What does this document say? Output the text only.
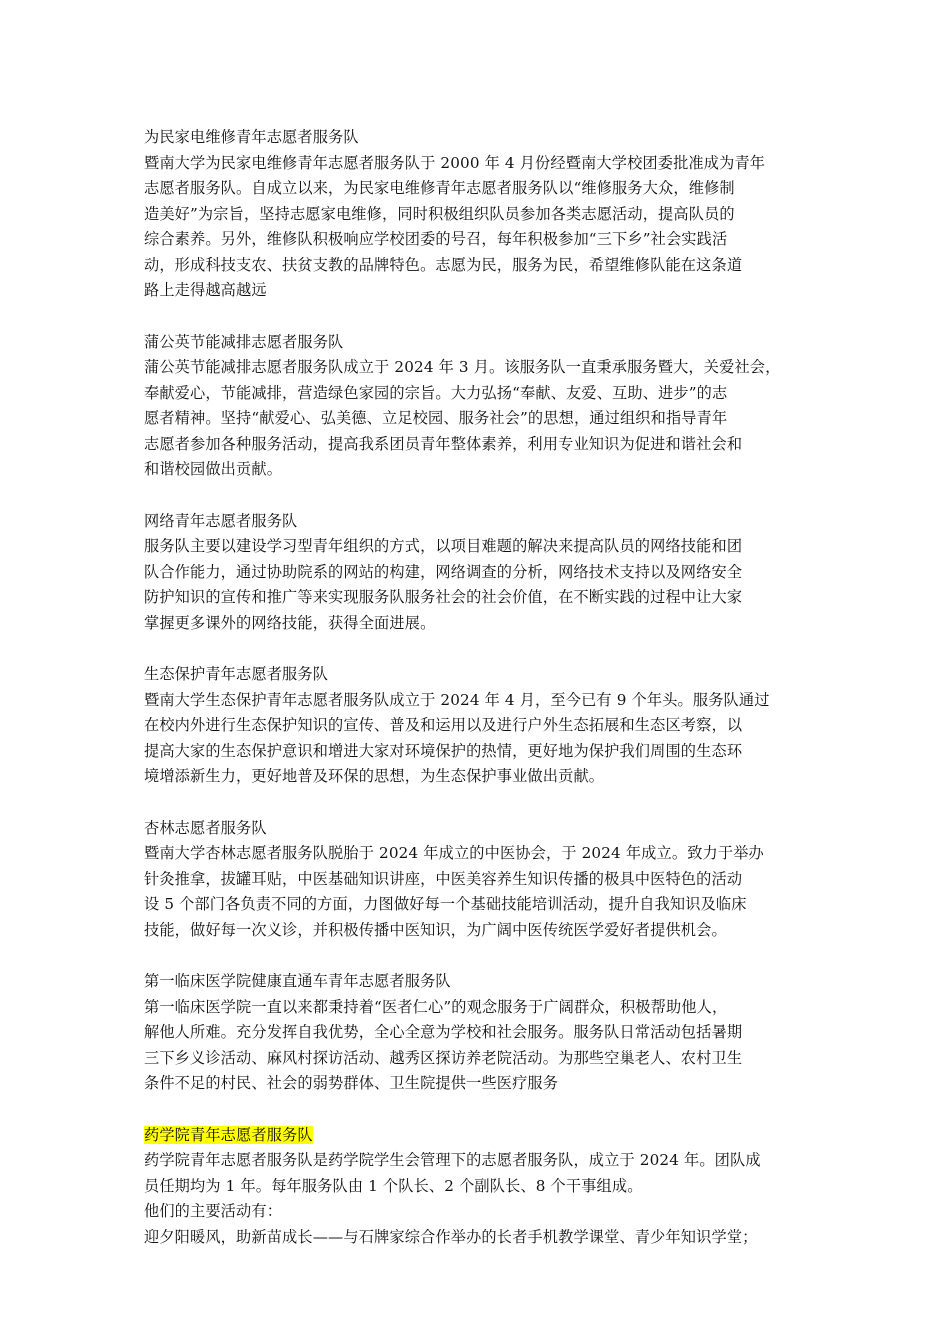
为民家电维修青年志愿者服务队
暨南大学为民家电维修青年志愿者服务队于 2000 年 4 月份经暨南大学校团委批准成为青年
志愿者服务队。自成立以来，为民家电维修青年志愿者服务队以“维修服务大众，维修制
造美好”为宗旨，坚持志愿家电维修，同时积极组织队员参加各类志愿活动，提高队员的
综合素养。另外，维修队积极响应学校团委的号召，每年积极参加“三下乡”社会实践活
动，形成科技支农、扶贫支教的品牌特色。志愿为民，服务为民，希望维修队能在这条道
路上走得越高越远
蒲公英节能减排志愿者服务队
蒲公英节能减排志愿者服务队成立于 2024 年 3 月。该服务队一直秉承服务暨大，关爱社会，
奉献爱心，节能减排，营造绿色家园的宗旨。大力弘扬“奉献、友爱、互助、进步”的志
愿者精神。坚持“献爱心、弘美德、立足校园、服务社会”的思想，通过组织和指导青年
志愿者参加各种服务活动，提高我系团员青年整体素养，利用专业知识为促进和谐社会和
和谐校园做出贡献。
网络青年志愿者服务队
服务队主要以建设学习型青年组织的方式，以项目难题的解决来提高队员的网络技能和团
队合作能力，通过协助院系的网站的构建，网络调查的分析，网络技术支持以及网络安全
防护知识的宣传和推广等来实现服务队服务社会的社会价值，在不断实践的过程中让大家
掌握更多课外的网络技能，获得全面进展。
生态保护青年志愿者服务队
暨南大学生态保护青年志愿者服务队成立于 2024 年 4 月，至今已有 9 个年头。服务队通过
在校内外进行生态保护知识的宣传、普及和运用以及进行户外生态拓展和生态区考察，以
提高大家的生态保护意识和增进大家对环境保护的热情，更好地为保护我们周围的生态环
境增添新生力，更好地普及环保的思想，为生态保护事业做出贡献。
杏林志愿者服务队
暨南大学杏林志愿者服务队脱胎于 2024 年成立的中医协会，于 2024 年成立。致力于举办
针灸推拿，拔罐耳贴，中医基础知识讲座，中医美容养生知识传播的极具中医特色的活动
设 5 个部门各负责不同的方面，力图做好每一个基础技能培训活动，提升自我知识及临床
技能，做好每一次义诊，并积极传播中医知识，为广阔中医传统医学爱好者提供机会。
第一临床医学院健康直通车青年志愿者服务队
第一临床医学院一直以来都秉持着“医者仁心”的观念服务于广阔群众，积极帮助他人，
解他人所难。充分发挥自我优势，全心全意为学校和社会服务。服务队日常活动包括暑期
三下乡义诊活动、麻风村探访活动、越秀区探访养老院活动。为那些空巢老人、农村卫生
条件不足的村民、社会的弱势群体、卫生院提供一些医疗服务
药学院青年志愿者服务队
药学院青年志愿者服务队是药学院学生会管理下的志愿者服务队，成立于 2024 年。团队成
员任期均为 1 年。每年服务队由 1 个队长、2 个副队长、8 个干事组成。
他们的主要活动有：
迎夕阳暖风，助新苗成长——与石牌家综合作举办的长者手机教学课堂、青少年知识学堂；
